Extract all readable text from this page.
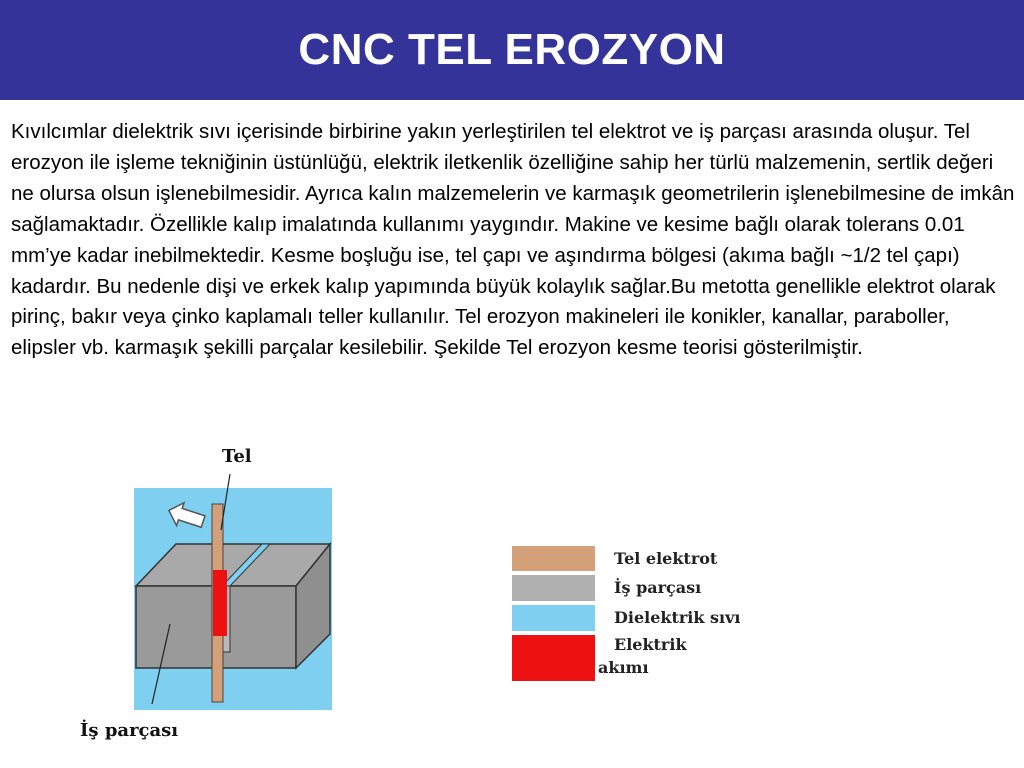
CNC TEL EROZYON

Kıvılcımlar dielektrik sıvı içerisinde birbirine yakın yerleştirilen tel elektrot ve iş parçası arasında oluşur. Tel erozyon ile işleme tekniğinin üstünlüğü, elektrik iletkenlik özelliğine sahip her türlü malzemenin, sertlik değeri ne olursa olsun işlenebilmesidir. Ayrıca kalın malzemelerin ve karmaşık geometrilerin işlenebilmesine de imkân sağlamaktadır. Özellikle kalıp imalatında kullanımı yaygındır. Makine ve kesime bağlı olarak tolerans 0.01 mm’ye kadar inebilmektedir. Kesme boşluğu ise, tel çapı ve aşındırma bölgesi (akıma bağlı ~1/2 tel çapı) kadardır. Bu nedenle dişi ve erkek kalıp yapımında büyük kolaylık sağlar.Bu metotta genellikle elektrot olarak pirinç, bakır veya çinko kaplamalı teller kullanılır. Tel erozyon makineleri ile konikler, kanallar, paraboller, elipsler vb. karmaşık şekilli parçalar kesilebilir. Şekilde Tel erozyon kesme teorisi gösterilmiştir.

Tel
İş parçası
Tel elektrot
İş parçası
Dielektrik sıvı
Elektrik
akımı
